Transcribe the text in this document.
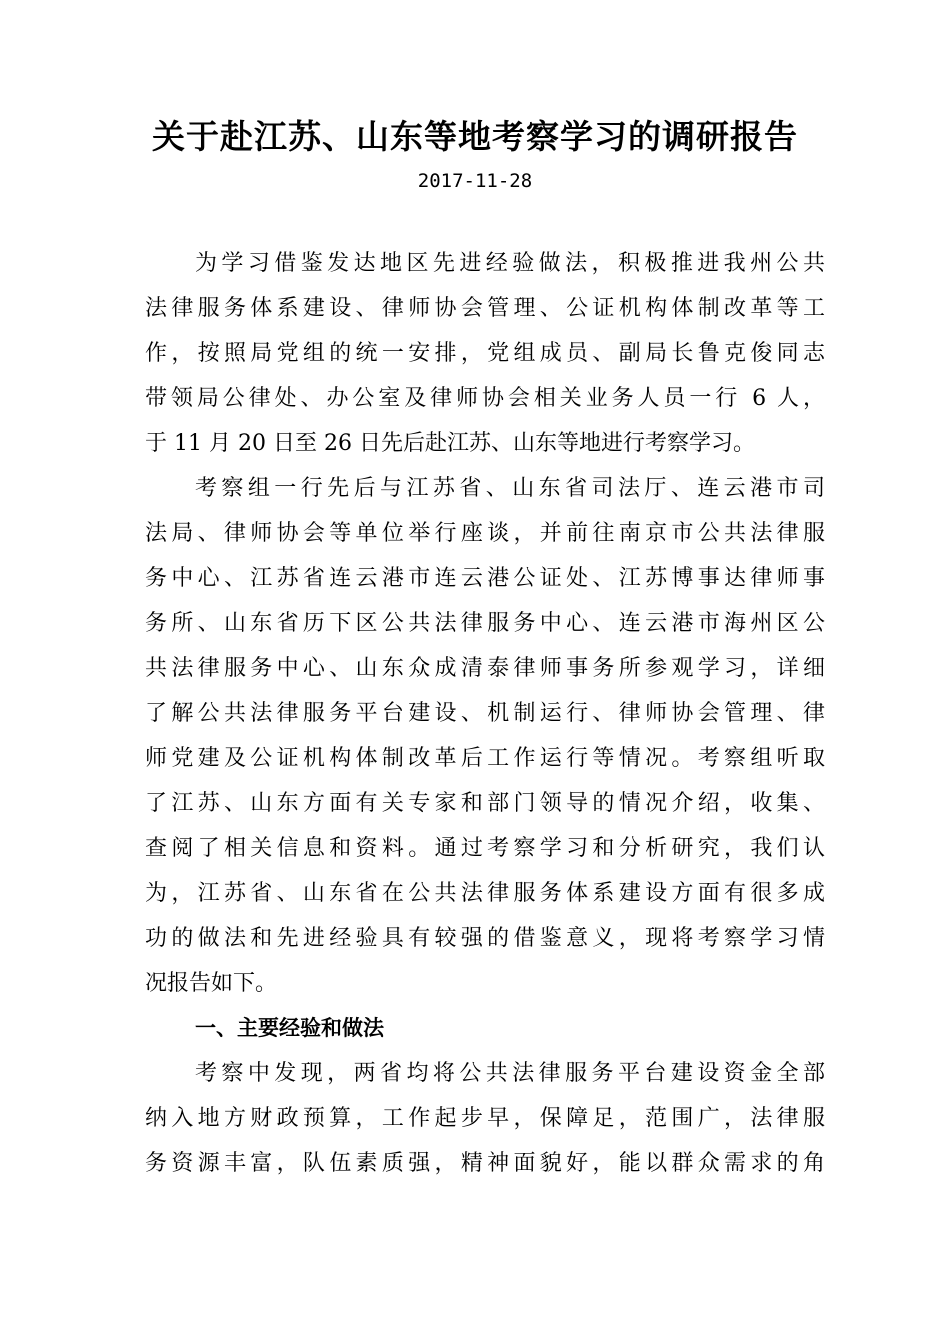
关于赴江苏、山东等地考察学习的调研报告
2017-11-28
为学习借鉴发达地区先进经验做法，积极推进我州公共
法律服务体系建设、律师协会管理、公证机构体制改革等工
作，按照局党组的统一安排，党组成员、副局长鲁克俊同志
带领局公律处、办公室及律师协会相关业务人员一行 6 人，
于 11 月 20 日至 26 日先后赴江苏、山东等地进行考察学习。
考察组一行先后与江苏省、山东省司法厅、连云港市司
法局、律师协会等单位举行座谈，并前往南京市公共法律服
务中心、江苏省连云港市连云港公证处、江苏博事达律师事
务所、山东省历下区公共法律服务中心、连云港市海州区公
共法律服务中心、山东众成清泰律师事务所参观学习，详细
了解公共法律服务平台建设、机制运行、律师协会管理、律
师党建及公证机构体制改革后工作运行等情况。考察组听取
了江苏、山东方面有关专家和部门领导的情况介绍，收集、
查阅了相关信息和资料。通过考察学习和分析研究，我们认
为，江苏省、山东省在公共法律服务体系建设方面有很多成
功的做法和先进经验具有较强的借鉴意义，现将考察学习情
况报告如下。
一、主要经验和做法
考察中发现，两省均将公共法律服务平台建设资金全部
纳入地方财政预算，工作起步早，保障足，范围广，法律服
务资源丰富，队伍素质强，精神面貌好，能以群众需求的角
